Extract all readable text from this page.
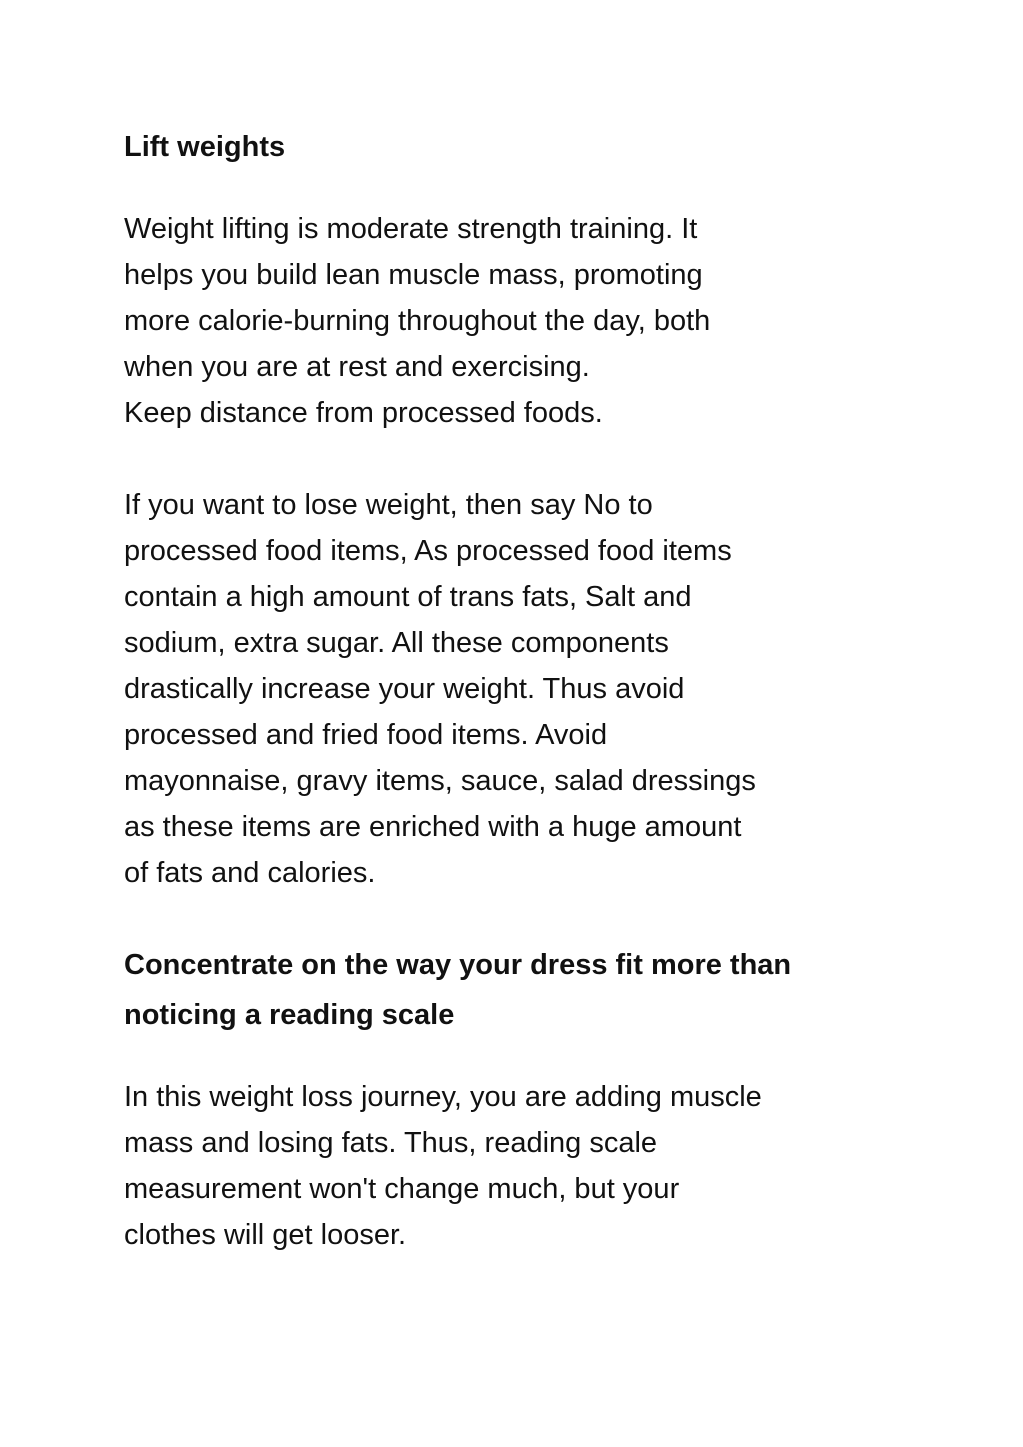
Lift weights

Weight lifting is moderate strength training. It
helps you build lean muscle mass, promoting
more calorie-burning throughout the day, both
when you are at rest and exercising.
Keep distance from processed foods.

If you want to lose weight, then say No to
processed food items, As processed food items
contain a high amount of trans fats, Salt and
sodium, extra sugar. All these components
drastically increase your weight. Thus avoid
processed and fried food items. Avoid
mayonnaise, gravy items, sauce, salad dressings
as these items are enriched with a huge amount
of fats and calories.

Concentrate on the way your dress fit more than
noticing a reading scale

In this weight loss journey, you are adding muscle
mass and losing fats. Thus, reading scale
measurement won't change much, but your
clothes will get looser.
